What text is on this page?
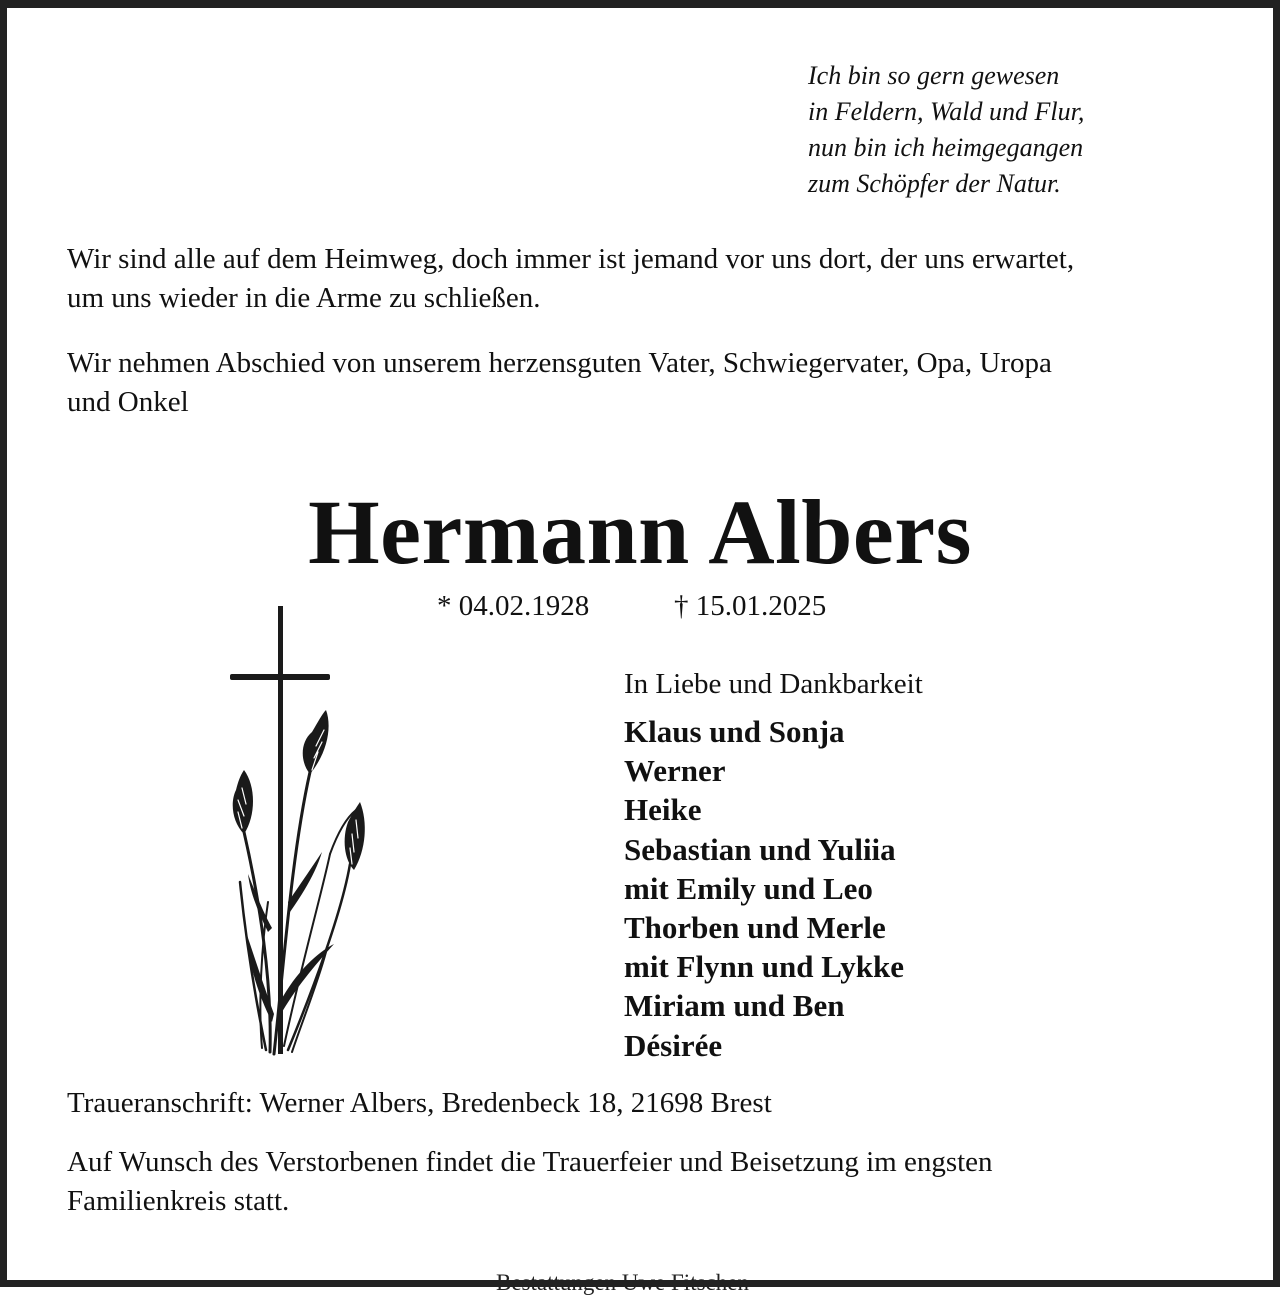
Ich bin so gern gewesen
in Feldern, Wald und Flur,
nun bin ich heimgegangen
zum Schöpfer der Natur.
Wir sind alle auf dem Heimweg, doch immer ist jemand vor uns dort, der uns erwartet,
um uns wieder in die Arme zu schließen.
Wir nehmen Abschied von unserem herzensguten Vater, Schwiegervater, Opa, Uropa
und Onkel
Hermann Albers
* 04.02.1928	† 15.01.2025
In Liebe und Dankbarkeit
Klaus und Sonja
Werner
Heike
Sebastian und Yuliia
mit Emily und Leo
Thorben und Merle
mit Flynn und Lykke
Miriam und Ben
Désirée
Traueranschrift: Werner Albers, Bredenbeck 18, 21698 Brest
Auf Wunsch des Verstorbenen findet die Trauerfeier und Beisetzung im engsten
Familienkreis statt.
Bestattungen Uwe Fitschen
